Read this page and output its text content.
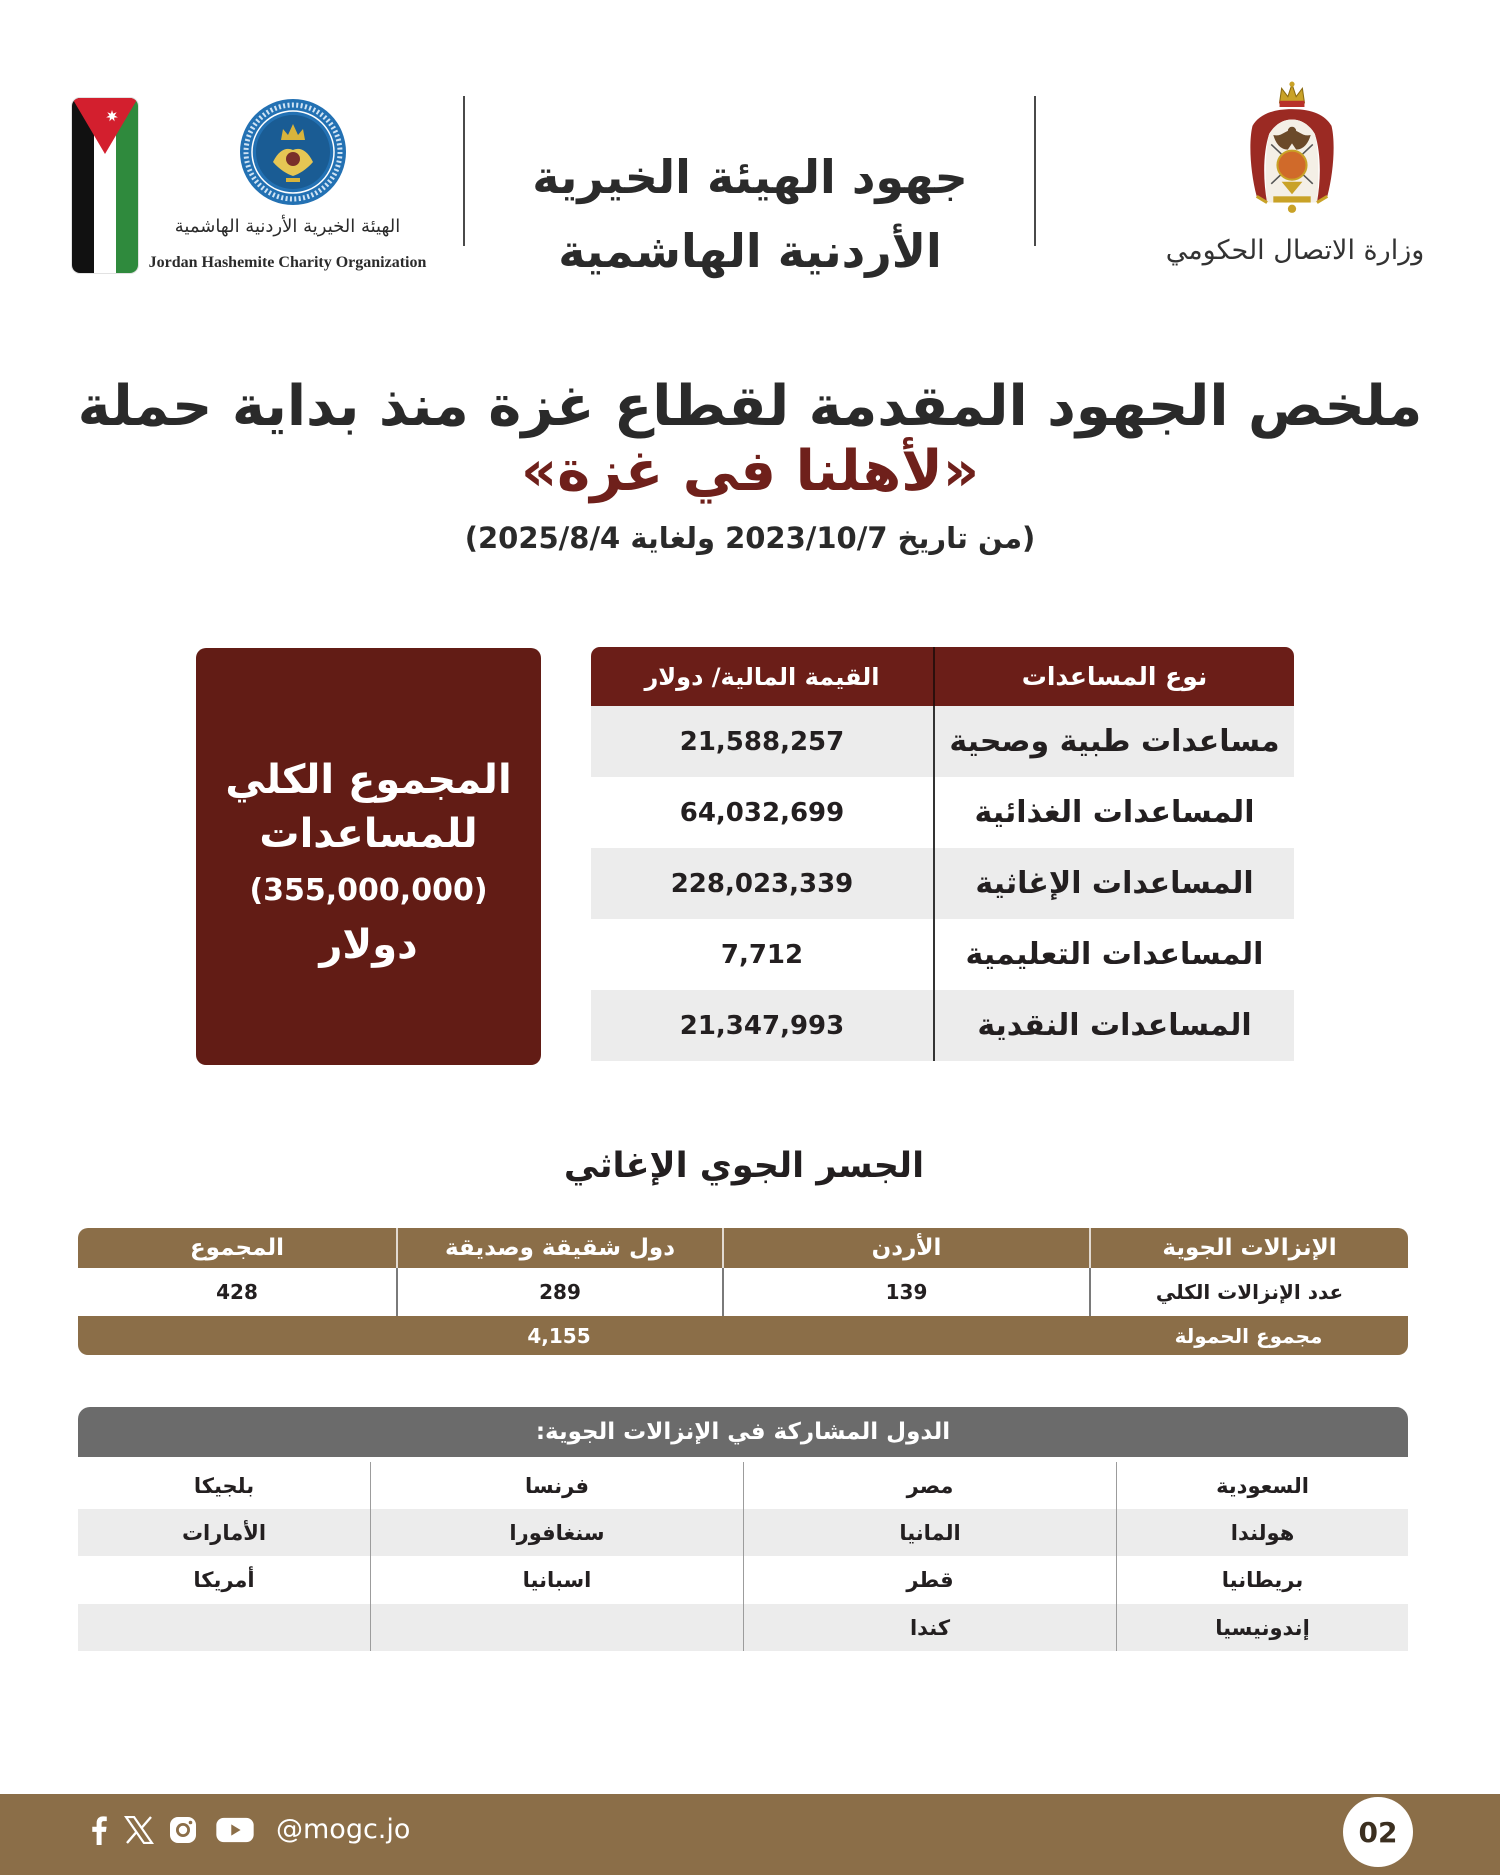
الهيئة الخيرية الأردنية الهاشمية
Jordan Hashemite Charity Organization
جهود الهيئة الخيرية
الأردنية الهاشمية	وزارة الاتصال الحكومي
ملخص الجهود المقدمة لقطاع غزة منذ بداية حملة
«لأهلنا في غزة»
(من تاريخ 2023/10/7 ولغاية 2025/8/4)
المجموع الكلي
للمساعدات
(355,000,000)
دولار
نوع المساعدات
القيمة المالية/ دولار
مساعدات طبية وصحية
21,588,257
المساعدات الغذائية
64,032,699
المساعدات الإغاثية
228,023,339
المساعدات التعليمية
7,712
المساعدات النقدية
21,347,993
الجسر الجوي الإغاثي
الإنزالات الجوية
الأردن
دول شقيقة وصديقة
المجموع
عدد الإنزالات الكلي
139
289
428
مجموع الحمولة
4,155
الدول المشاركة في الإنزالات الجوية:
السعودية
مصر
فرنسا
بلجيكا
هولندا
المانيا
سنغافورا
الأمارات
بريطانيا
قطر
اسبانيا
أمريكا
إندونيسيا
كندا
@mogc.jo	02
